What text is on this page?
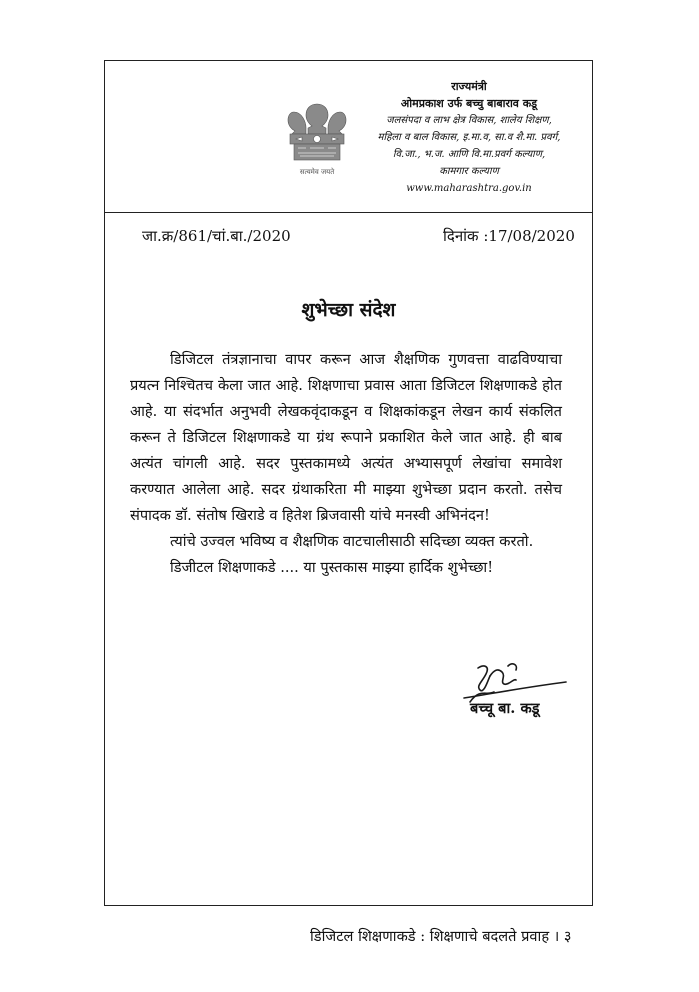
सत्यमेव जयते
राज्यमंत्री
ओमप्रकाश उर्फ बच्चु बाबाराव कडू
जलसंपदा व लाभ क्षेत्र विकास, शालेय शिक्षण,
महिला व बाल विकास, इ.मा.व, सा.व शै.मा. प्रवर्ग,
वि.जा., भ.ज. आणि वि.मा.प्रवर्ग कल्याण,
कामगार कल्याण
www.maharashtra.gov.in
जा.क्र/861/चां.बा./2020	दिनांक :17/08/2020
शुभेच्छा संदेश

डिजिटल तंत्रज्ञानाचा वापर करून आज शैक्षणिक गुणवत्ता वाढविण्याचा प्रयत्न निश्चितच केला जात आहे. शिक्षणाचा प्रवास आता डिजिटल शिक्षणाकडे होत आहे. या संदर्भात अनुभवी लेखकवृंदाकडून व शिक्षकांकडून लेखन कार्य संकलित करून ते डिजिटल शिक्षणाकडे या ग्रंथ रूपाने प्रकाशित केले जात आहे. ही बाब अत्यंत चांगली आहे. सदर पुस्तकामध्ये अत्यंत अभ्यासपूर्ण लेखांचा समावेश करण्यात आलेला आहे. सदर ग्रंथाकरिता मी माझ्या शुभेच्छा प्रदान करतो. तसेच संपादक डॉ. संतोष खिराडे व हितेश ब्रिजवासी यांचे मनस्वी अभिनंदन!

त्यांचे उज्वल भविष्य व शैक्षणिक वाटचालीसाठी सदिच्छा व्यक्त करतो.

डिजीटल शिक्षणाकडे .... या पुस्तकास माझ्या हार्दिक शुभेच्छा!

बच्चू बा. कडू
डिजिटल शिक्षणाकडे : शिक्षणाचे बदलते प्रवाह । ३
